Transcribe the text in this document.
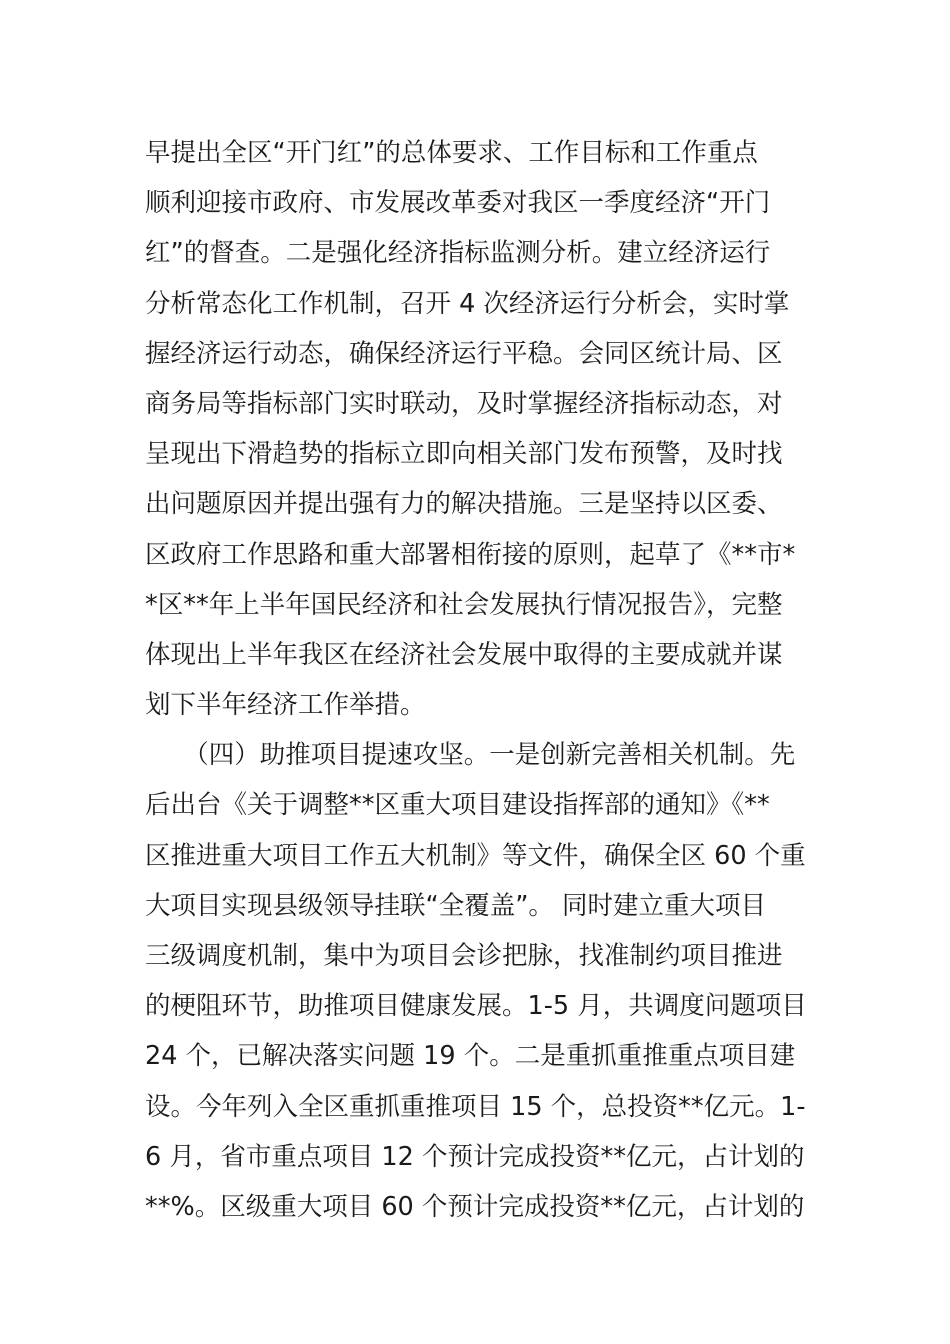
早提出全区“开门红”的总体要求、工作目标和工作重点
顺利迎接市政府、市发展改革委对我区一季度经济“开门
红”的督查。二是强化经济指标监测分析。建立经济运行
分析常态化工作机制，召开 4 次经济运行分析会，实时掌
握经济运行动态，确保经济运行平稳。会同区统计局、区
商务局等指标部门实时联动，及时掌握经济指标动态，对
呈现出下滑趋势的指标立即向相关部门发布预警，及时找
出问题原因并提出强有力的解决措施。三是坚持以区委、
区政府工作思路和重大部署相衔接的原则，起草了《**市*
*区**年上半年国民经济和社会发展执行情况报告》，完整
体现出上半年我区在经济社会发展中取得的主要成就并谋
划下半年经济工作举措。
　　（四）助推项目提速攻坚。一是创新完善相关机制。先
后出台《关于调整**区重大项目建设指挥部的通知》《**
区推进重大项目工作五大机制》等文件，确保全区 60 个重
大项目实现县级领导挂联“全覆盖”。 同时建立重大项目
三级调度机制，集中为项目会诊把脉，找准制约项目推进
的梗阻环节，助推项目健康发展。1-5 月，共调度问题项目
24 个，已解决落实问题 19 个。二是重抓重推重点项目建
设。今年列入全区重抓重推项目 15 个，总投资**亿元。1-
6 月，省市重点项目 12 个预计完成投资**亿元，占计划的
**%。区级重大项目 60 个预计完成投资**亿元，占计划的
